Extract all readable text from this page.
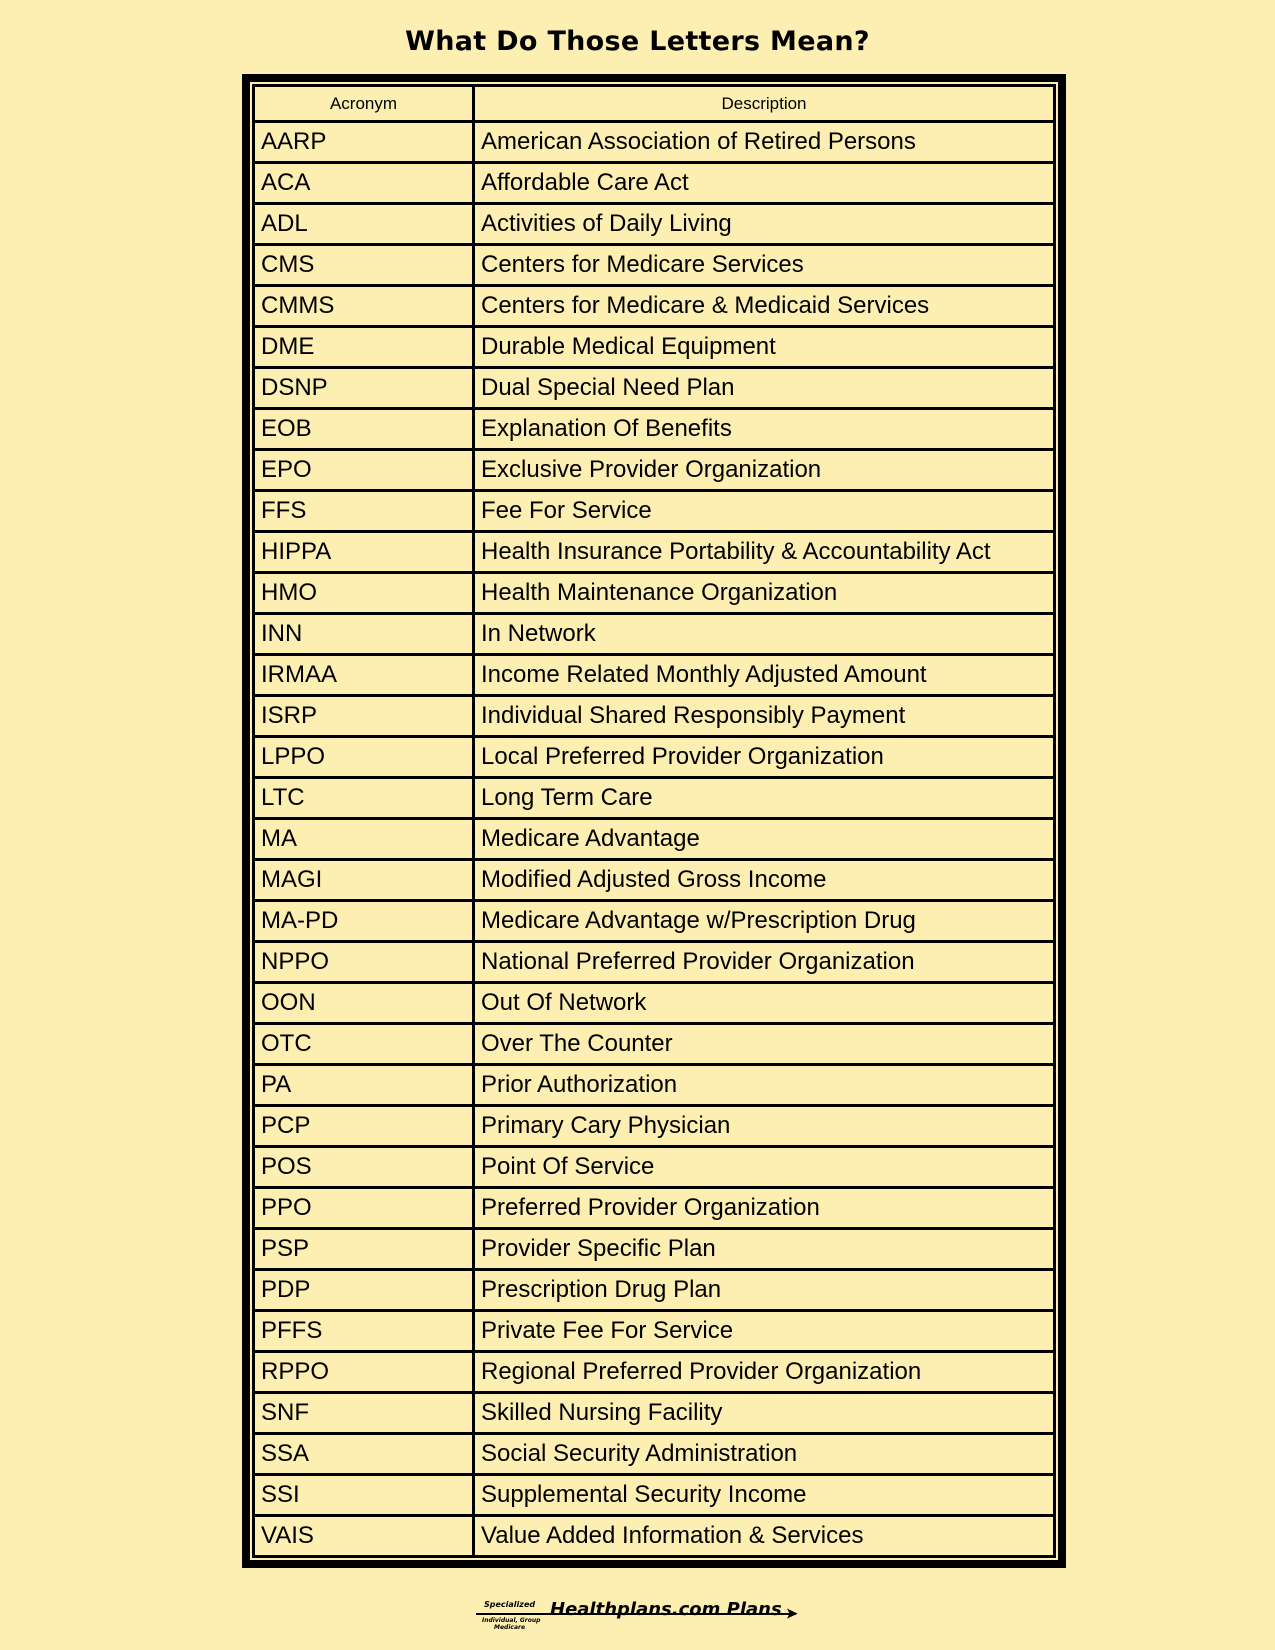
What Do Those Letters Mean?
Acronym	Description
AARP	American Association of Retired Persons
ACA	Affordable Care Act
ADL	Activities of Daily Living
CMS	Centers for Medicare Services
CMMS	Centers for Medicare & Medicaid Services
DME	Durable Medical Equipment
DSNP	Dual Special Need Plan
EOB	Explanation Of Benefits
EPO	Exclusive Provider Organization
FFS	Fee For Service
HIPPA	Health Insurance Portability & Accountability Act
HMO	Health Maintenance Organization
INN	In Network
IRMAA	Income Related Monthly Adjusted Amount
ISRP	Individual Shared Responsibly Payment
LPPO	Local Preferred Provider Organization
LTC	Long Term Care
MA	Medicare Advantage
MAGI	Modified Adjusted Gross Income
MA-PD	Medicare Advantage w/Prescription Drug
NPPO	National Preferred Provider Organization
OON	Out Of Network
OTC	Over The Counter
PA	Prior Authorization
PCP	Primary Cary Physician
POS	Point Of Service
PPO	Preferred Provider Organization
PSP	Provider Specific Plan
PDP	Prescription Drug Plan
PFFS	Private Fee For Service
RPPO	Regional Preferred Provider Organization
SNF	Skilled Nursing Facility
SSA	Social Security Administration
SSI	Supplemental Security Income
VAIS	Value Added Information & Services
Specialized
Individual, Group
Medicare
Healthplans.com Plans ➤
